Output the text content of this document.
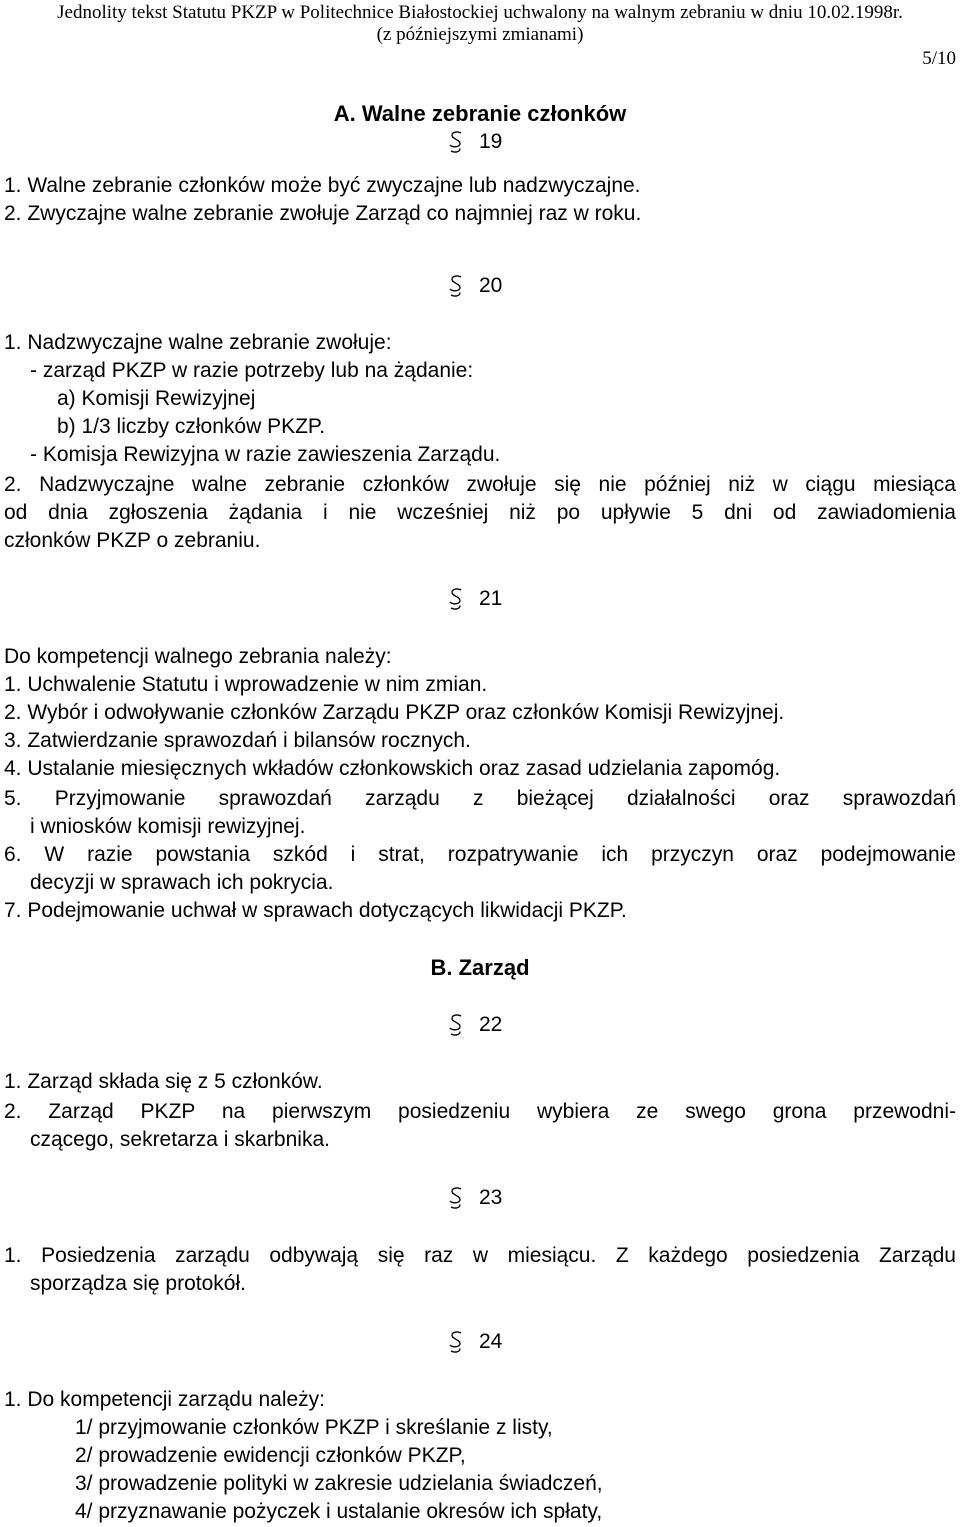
Jednolity tekst Statutu PKZP w Politechnice Białostockiej uchwalony na walnym zebraniu w dniu 10.02.1998r.
(z późniejszymi zmianami)
5/10
A. Walne zebranie członków
19
1. Walne zebranie członków może być zwyczajne lub nadzwyczajne.
2. Zwyczajne walne zebranie zwołuje Zarząd co najmniej raz w roku.
20
1. Nadzwyczajne walne zebranie zwołuje:
- zarząd PKZP w razie potrzeby lub na żądanie:
a) Komisji Rewizyjnej
b) 1/3 liczby członków PKZP.
- Komisja Rewizyjna w razie zawieszenia Zarządu.
2. Nadzwyczajne walne zebranie członków zwołuje się nie później niż w ciągu miesiąca
od dnia zgłoszenia żądania i nie wcześniej niż po upływie 5 dni od zawiadomienia
członków PKZP o zebraniu.
21
Do kompetencji walnego zebrania należy:
1. Uchwalenie Statutu i wprowadzenie w nim zmian.
2. Wybór i odwoływanie członków Zarządu PKZP oraz członków Komisji Rewizyjnej.
3. Zatwierdzanie sprawozdań i bilansów rocznych.
4. Ustalanie miesięcznych wkładów członkowskich oraz zasad udzielania zapomóg.
5. Przyjmowanie sprawozdań zarządu z bieżącej działalności oraz sprawozdań
i wniosków komisji rewizyjnej.
6. W razie powstania szkód i strat, rozpatrywanie ich przyczyn oraz podejmowanie
decyzji w sprawach ich pokrycia.
7. Podejmowanie uchwał w sprawach dotyczących likwidacji PKZP.
B. Zarząd
22
1. Zarząd składa się z 5 członków.
2. Zarząd PKZP na pierwszym posiedzeniu wybiera ze swego grona przewodni-
czącego, sekretarza i skarbnika.
23
1. Posiedzenia zarządu odbywają się raz w miesiącu. Z każdego posiedzenia Zarządu
sporządza się protokół.
24
1. Do kompetencji zarządu należy:
1/ przyjmowanie członków PKZP i skreślanie z listy,
2/ prowadzenie ewidencji członków PKZP,
3/ prowadzenie polityki w zakresie udzielania świadczeń,
4/ przyznawanie pożyczek i ustalanie okresów ich spłaty,
